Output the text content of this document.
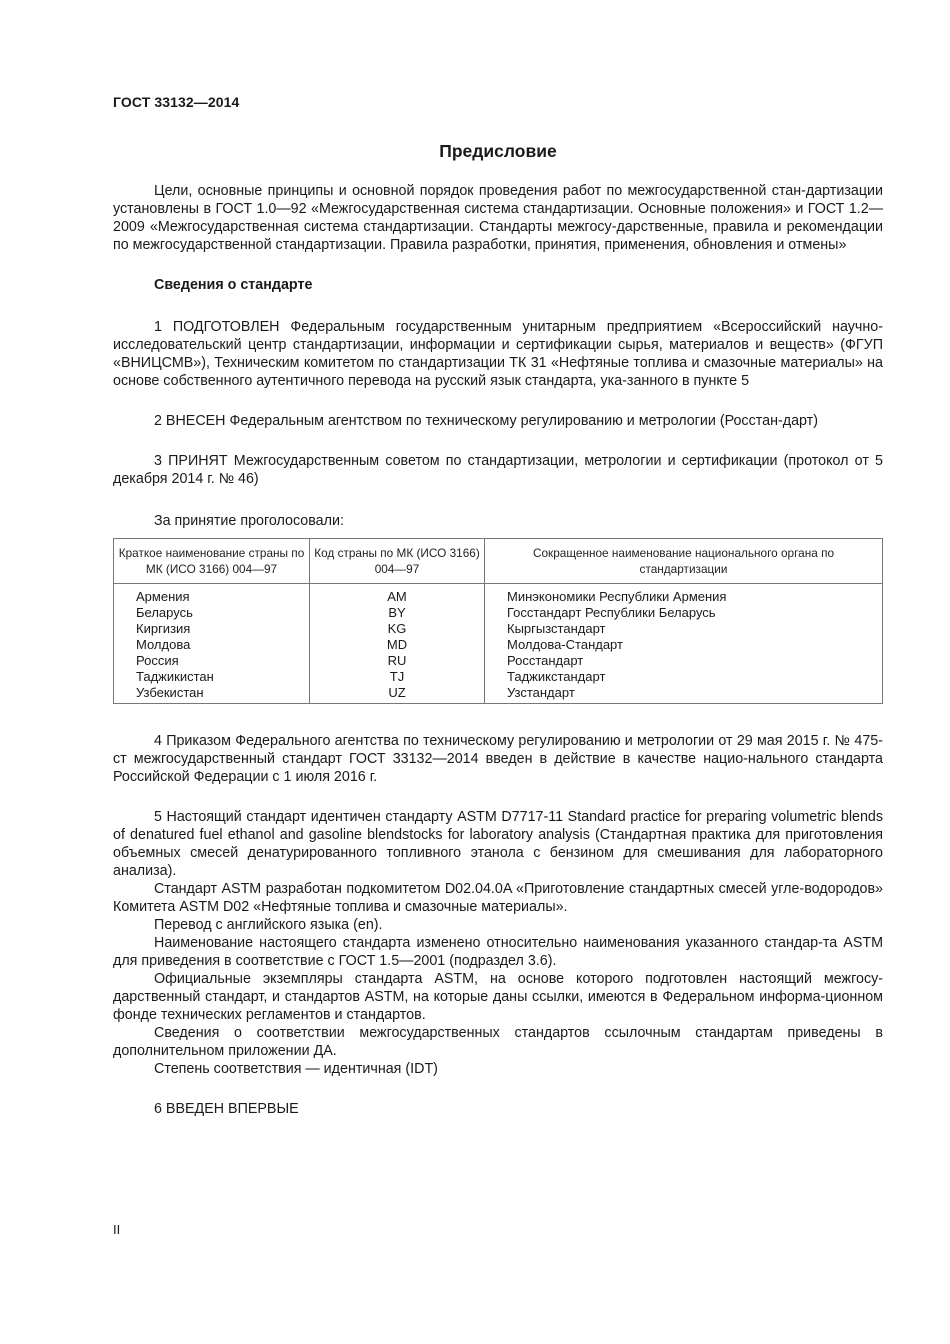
ГОСТ 33132—2014
Предисловие

Цели, основные принципы и основной порядок проведения работ по межгосударственной стан-дартизации установлены в ГОСТ 1.0—92 «Межгосударственная система стандартизации. Основные положения» и ГОСТ 1.2—2009 «Межгосударственная система стандартизации. Стандарты межгосу-дарственные, правила и рекомендации по межгосударственной стандартизации. Правила разработки, принятия, применения, обновления и отмены»

Сведения о стандарте

1 ПОДГОТОВЛЕН Федеральным государственным унитарным предприятием «Всероссийский научно-исследовательский центр стандартизации, информации и сертификации сырья, материалов и веществ» (ФГУП «ВНИЦСМВ»), Техническим комитетом по стандартизации ТК 31 «Нефтяные топлива и смазочные материалы» на основе собственного аутентичного перевода на русский язык стандарта, ука-занного в пункте 5

2 ВНЕСЕН Федеральным агентством по техническому регулированию и метрологии (Росстан-дарт)

3 ПРИНЯТ Межгосударственным советом по стандартизации, метрологии и сертификации (протокол от 5 декабря 2014 г. № 46)

За принятие проголосовали:

Краткое наименование страны по МК (ИСО 3166) 004—97	Код страны по МК (ИСО 3166) 004—97	Сокращенное наименование национального органа по стандартизации
Армения	AM	Минэкономики Республики Армения
Беларусь	BY	Госстандарт Республики Беларусь
Киргизия	KG	Кыргызстандарт
Молдова	MD	Молдова-Стандарт
Россия	RU	Росстандарт
Таджикистан	TJ	Таджикстандарт
Узбекистан	UZ	Узстандарт

4 Приказом Федерального агентства по техническому регулированию и метрологии от 29 мая 2015 г. № 475-ст межгосударственный стандарт ГОСТ 33132—2014 введен в действие в качестве нацио-нального стандарта Российской Федерации с 1 июля 2016 г.

5 Настоящий стандарт идентичен стандарту ASTM D7717-11 Standard practice for preparing volumetric blends of denatured fuel ethanol and gasoline blendstocks for laboratory analysis (Стандартная практика для приготовления объемных смесей денатурированного топливного этанола с бензином для смешивания для лабораторного анализа).

Стандарт ASTM разработан подкомитетом D02.04.0A «Приготовление стандартных смесей угле-водородов» Комитета ASTM D02 «Нефтяные топлива и смазочные материалы».

Перевод с английского языка (en).

Наименование настоящего стандарта изменено относительно наименования указанного стандар-та ASTM для приведения в соответствие с ГОСТ 1.5—2001 (подраздел 3.6).

Официальные экземпляры стандарта ASTM, на основе которого подготовлен настоящий межгосу-дарственный стандарт, и стандартов ASTM, на которые даны ссылки, имеются в Федеральном информа-ционном фонде технических регламентов и стандартов.

Сведения о соответствии межгосударственных стандартов ссылочным стандартам приведены в дополнительном приложении ДА.

Степень соответствия — идентичная (IDT)

6 ВВЕДЕН ВПЕРВЫЕ

II
